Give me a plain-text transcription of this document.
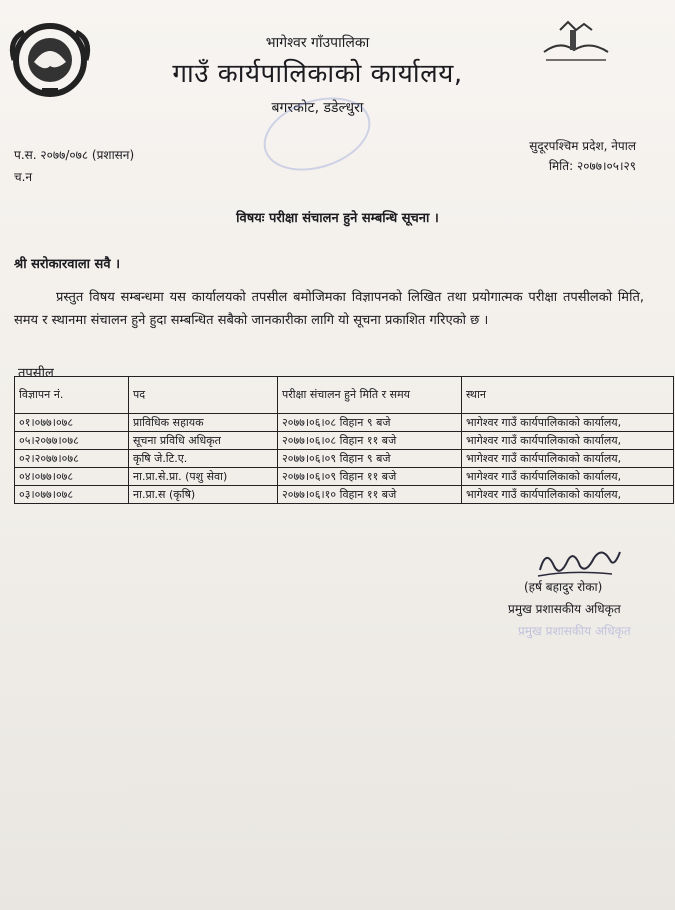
भागेश्वर गाँउपालिका
गाउँ कार्यपालिकाको कार्यालय,
बगरकोट, डडेल्धुरा
प.स. २०७७/०७८ (प्रशासन)
च.न
सुदूरपश्चिम प्रदेश, नेपाल
मिति: २०७७।०५।२९
विषयः परीक्षा संचालन हुने सम्बन्धि सूचना ।
श्री सरोकारवाला सवै ।
प्रस्तुत विषय सम्बन्धमा यस कार्यालयको तपसील बमोजिमका विज्ञापनको लिखित तथा प्रयोगात्मक परीक्षा तपसीलको मिति, समय र स्थानमा संचालन हुने हुदा सम्बन्धित सबैको जानकारीका लागि यो सूचना प्रकाशित गरिएको छ ।
तपसील
विज्ञापन नं.	पद	परीक्षा संचालन हुने मिति र समय	स्थान
०१।०७७।०७८	प्राविधिक सहायक	२०७७।०६।०८ विहान ९ बजे	भागेश्वर गाउँ कार्यपालिकाको कार्यालय,
०५।२०७७।०७८	सूचना प्रविधि अधिकृत	२०७७।०६।०८ विहान ११ बजे	भागेश्वर गाउँ कार्यपालिकाको कार्यालय,
०२।२०७७।०७८	कृषि जे.टि.ए.	२०७७।०६।०९ विहान ९ बजे	भागेश्वर गाउँ कार्यपालिकाको कार्यालय,
०४।०७७।०७८	ना.प्रा.से.प्रा. (पशु सेवा)	२०७७।०६।०९ विहान ११ बजे	भागेश्वर गाउँ कार्यपालिकाको कार्यालय,
०३।०७७।०७८	ना.प्रा.स (कृषि)	२०७७।०६।१० विहान ११ बजे	भागेश्वर गाउँ कार्यपालिकाको कार्यालय,
(हर्ष बहादुर रोका)
प्रमुख प्रशासकीय अधिकृत
प्रमुख प्रशासकीय अधिकृत
